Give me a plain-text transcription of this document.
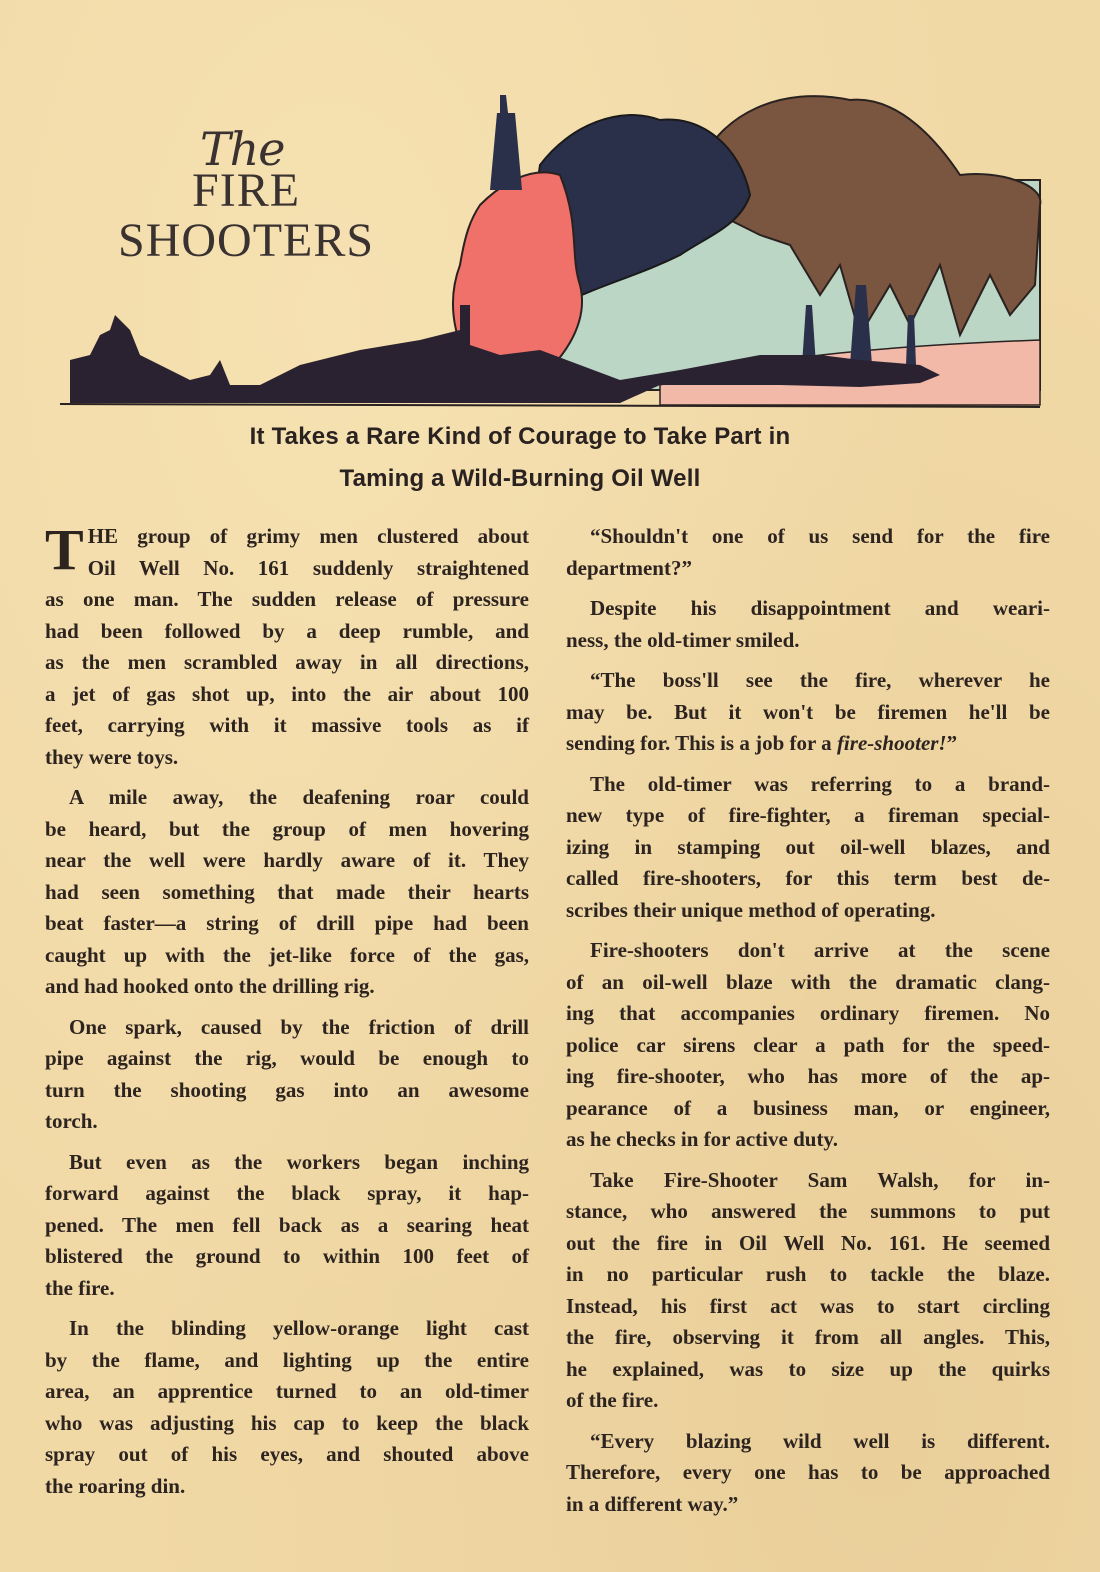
The
FIRE
SHOOTERS
It Takes a Rare Kind of Courage to Take Part in
Taming a Wild-Burning Oil Well
T HE group of grimy men clustered about
Oil Well No. 161 suddenly straightened
as one man. The sudden release of pressure
had been followed by a deep rumble, and
as the men scrambled away in all directions,
a jet of gas shot up, into the air about 100
feet, carrying with it massive tools as if
they were toys.
A mile away, the deafening roar could
be heard, but the group of men hovering
near the well were hardly aware of it. They
had seen something that made their hearts
beat faster—a string of drill pipe had been
caught up with the jet-like force of the gas,
and had hooked onto the drilling rig.
One spark, caused by the friction of drill
pipe against the rig, would be enough to
turn the shooting gas into an awesome
torch.
But even as the workers began inching
forward against the black spray, it hap-
pened. The men fell back as a searing heat
blistered the ground to within 100 feet of
the fire.
In the blinding yellow-orange light cast
by the flame, and lighting up the entire
area, an apprentice turned to an old-timer
who was adjusting his cap to keep the black
spray out of his eyes, and shouted above
the roaring din.
“Shouldn't one of us send for the fire
department?”
Despite his disappointment and weari-
ness, the old-timer smiled.
“The boss'll see the fire, wherever he
may be. But it won't be firemen he'll be
sending for. This is a job for a fire-shooter!”
The old-timer was referring to a brand-
new type of fire-fighter, a fireman special-
izing in stamping out oil-well blazes, and
called fire-shooters, for this term best de-
scribes their unique method of operating.
Fire-shooters don't arrive at the scene
of an oil-well blaze with the dramatic clang-
ing that accompanies ordinary firemen. No
police car sirens clear a path for the speed-
ing fire-shooter, who has more of the ap-
pearance of a business man, or engineer,
as he checks in for active duty.
Take Fire-Shooter Sam Walsh, for in-
stance, who answered the summons to put
out the fire in Oil Well No. 161. He seemed
in no particular rush to tackle the blaze.
Instead, his first act was to start circling
the fire, observing it from all angles. This,
he explained, was to size up the quirks
of the fire.
“Every blazing wild well is different.
Therefore, every one has to be approached
in a different way.”
